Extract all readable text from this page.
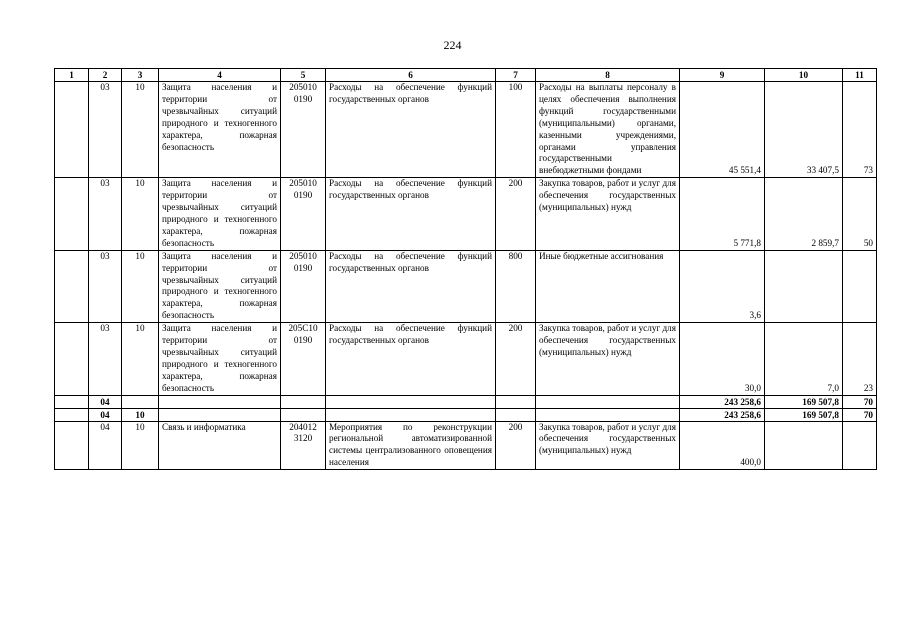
224
1	2	3	4	5	6	7	8	9	10	11
	03	10	Защита населения и территории от чрезвычайных ситуаций природного и техногенного характера, пожарная безопасность	205010 0190	Расходы на обеспечение функций государственных органов	100	Расходы на выплаты персоналу в целях обеспечения выполнения функций государственными (муниципальными) органами, казенными учреждениями, органами управления государственными внебюджетными фондами	45 551,4	33 407,5	73
	03	10	Защита населения и территории от чрезвычайных ситуаций природного и техногенного характера, пожарная безопасность	205010 0190	Расходы на обеспечение функций государственных органов	200	Закупка товаров, работ и услуг для обеспечения государственных (муниципальных) нужд	5 771,8	2 859,7	50
	03	10	Защита населения и территории от чрезвычайных ситуаций природного и техногенного характера, пожарная безопасность	205010 0190	Расходы на обеспечение функций государственных органов	800	Иные бюджетные ассигнования	3,6		
	03	10	Защита населения и территории от чрезвычайных ситуаций природного и техногенного характера, пожарная безопасность	205С10 0190	Расходы на обеспечение функций государственных органов	200	Закупка товаров, работ и услуг для обеспечения государственных (муниципальных) нужд	30,0	7,0	23
	04							243 258,6	169 507,8	70
	04	10						243 258,6	169 507,8	70
	04	10	Связь и информатика	204012 3120	Мероприятия по реконструкции региональной автоматизированной системы централизованного оповещения населения	200	Закупка товаров, работ и услуг для обеспечения государственных (муниципальных) нужд	400,0		
